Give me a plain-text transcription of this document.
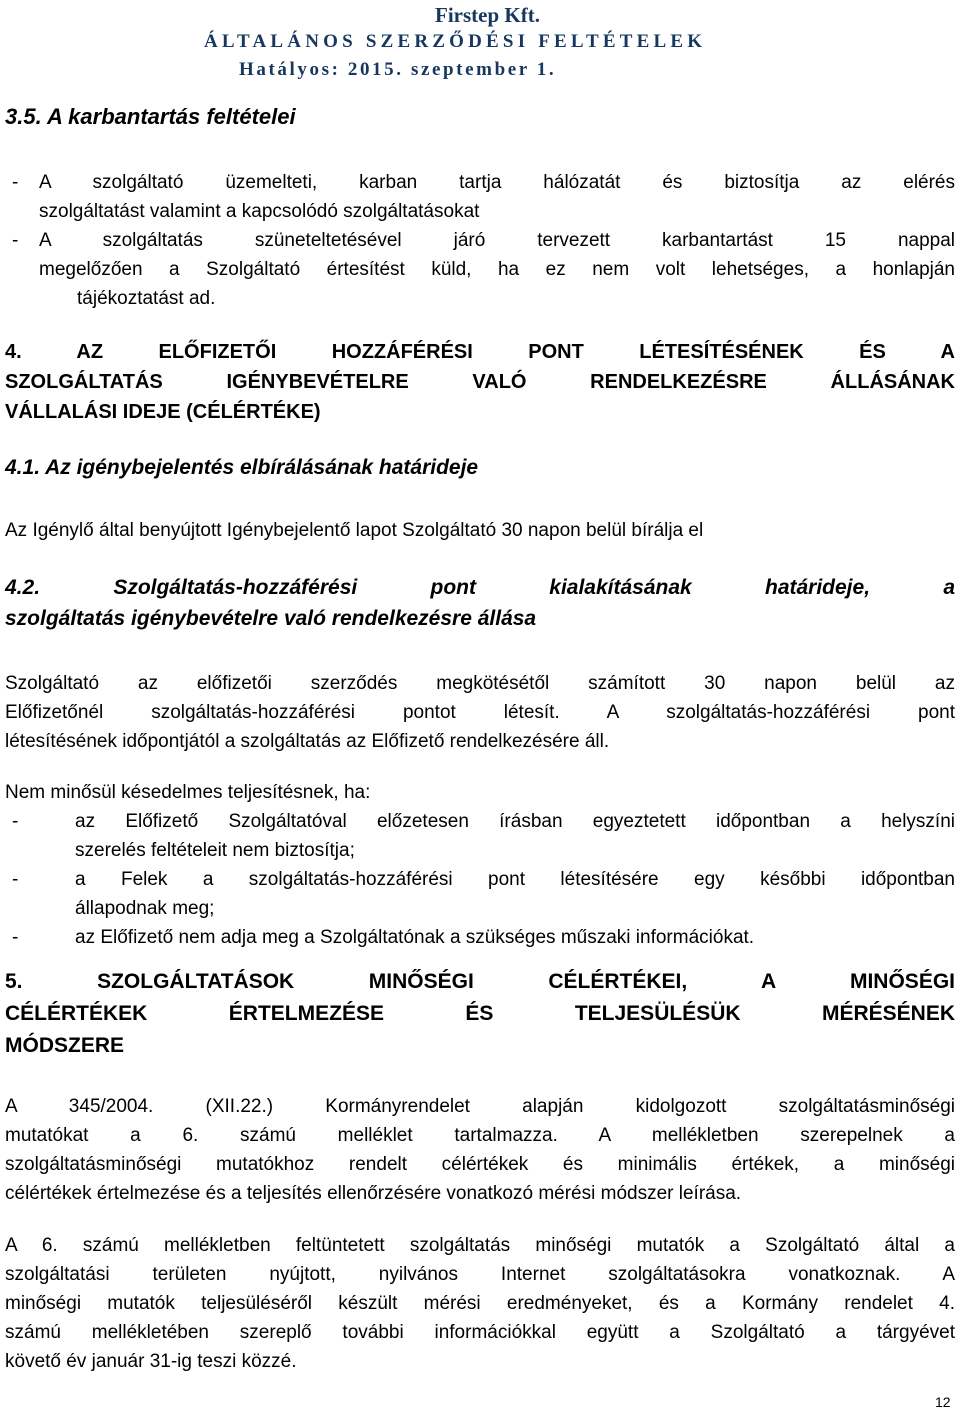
Firstep Kft.
ÁLTALÁNOS SZERZŐDÉSI FELTÉTELEK
Hatályos: 2015. szeptember 1.
3.5. A karbantartás feltételei
-	A szolgáltató üzemelteti, karban tartja hálózatát és biztosítja az elérés
szolgáltatást valamint a kapcsolódó szolgáltatásokat
-	A szolgáltatás szüneteltetésével járó tervezett karbantartást 15 nappal
megelőzően a Szolgáltató értesítést küld, ha ez nem volt lehetséges, a honlapján
tájékoztatást ad.
4. AZ ELŐFIZETŐI HOZZÁFÉRÉSI PONT LÉTESÍTÉSÉNEK ÉS A
SZOLGÁLTATÁS IGÉNYBEVÉTELRE VALÓ RENDELKEZÉSRE ÁLLÁSÁNAK
VÁLLALÁSI IDEJE (CÉLÉRTÉKE)
4.1. Az igénybejelentés elbírálásának határideje
Az Igénylő által benyújtott Igénybejelentő lapot Szolgáltató 30 napon belül bírálja el
4.2. Szolgáltatás-hozzáférési pont kialakításának határideje, a
szolgáltatás igénybevételre való rendelkezésre állása
Szolgáltató az előfizetői szerződés megkötésétől számított 30 napon belül az
Előfizetőnél szolgáltatás-hozzáférési pontot létesít. A szolgáltatás-hozzáférési pont
létesítésének időpontjától a szolgáltatás az Előfizető rendelkezésére áll.
Nem minősül késedelmes teljesítésnek, ha:
-	az Előfizető Szolgáltatóval előzetesen írásban egyeztetett időpontban a helyszíni
szerelés feltételeit nem biztosítja;
-	a Felek a szolgáltatás-hozzáférési pont létesítésére egy későbbi időpontban
állapodnak meg;
-	az Előfizető nem adja meg a Szolgáltatónak a szükséges műszaki információkat.
5. SZOLGÁLTATÁSOK MINŐSÉGI CÉLÉRTÉKEI, A MINŐSÉGI
CÉLÉRTÉKEK ÉRTELMEZÉSE ÉS TELJESÜLÉSÜK MÉRÉSÉNEK
MÓDSZERE
A 345/2004. (XII.22.) Kormányrendelet alapján kidolgozott szolgáltatásminőségi
mutatókat a 6. számú melléklet tartalmazza. A mellékletben szerepelnek a
szolgáltatásminőségi mutatókhoz rendelt célértékek és minimális értékek, a minőségi
célértékek értelmezése és a teljesítés ellenőrzésére vonatkozó mérési módszer leírása.
A 6. számú mellékletben feltüntetett szolgáltatás minőségi mutatók a Szolgáltató által a
szolgáltatási területen nyújtott, nyilvános Internet szolgáltatásokra vonatkoznak. A
minőségi mutatók teljesüléséről készült mérési eredményeket, és a Kormány rendelet 4.
számú mellékletében szereplő további információkkal együtt a Szolgáltató a tárgyévet
követő év január 31-ig teszi közzé.
12
